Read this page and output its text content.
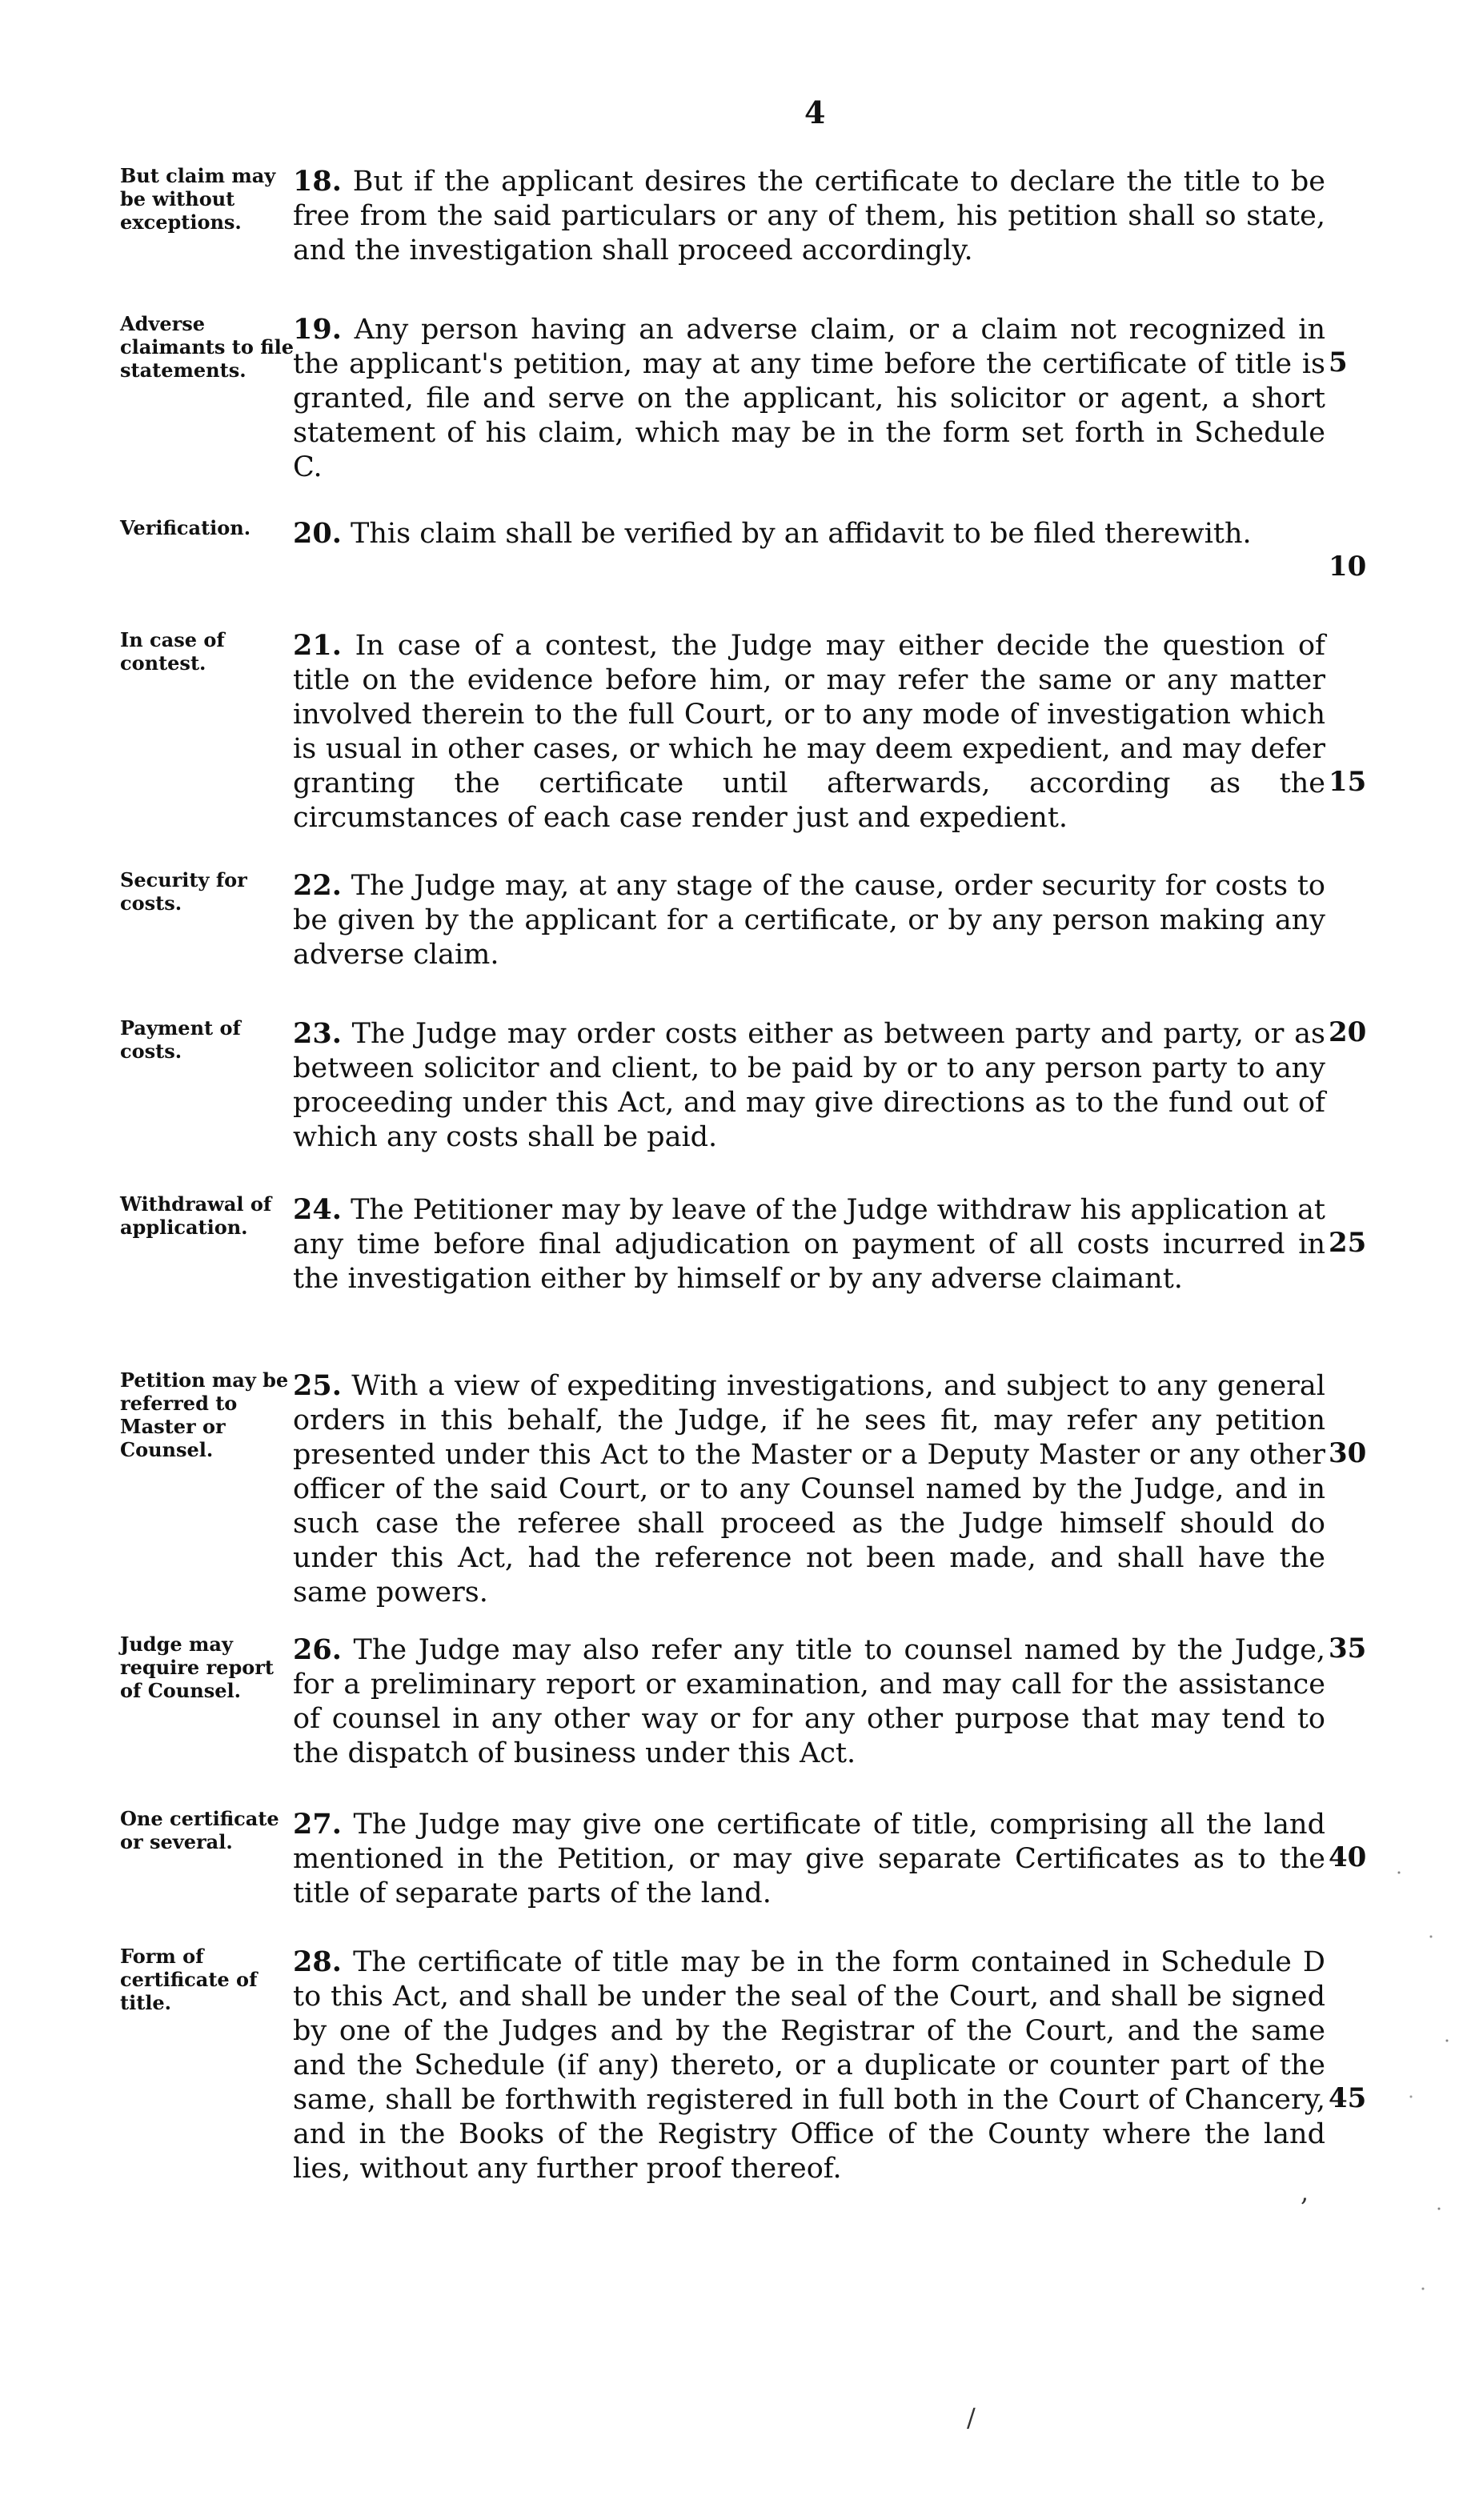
4
But claim may be without exceptions.
18. But if the applicant desires the certificate to declare the title to be free from the said particulars or any of them, his petition shall so state, and the investigation shall proceed accordingly.
Adverse claimants to file statements.
19. Any person having an adverse claim, or a claim not recognized in the applicant's petition, may at any time before the certificate of title is granted, file and serve on the applicant, his solicitor or agent, a short statement of his claim, which may be in the form set forth in Schedule C.
5
Verification.	20. This claim shall be verified by an affidavit to be filed therewith.
10
In case of contest.
21. In case of a contest, the Judge may either decide the question of title on the evidence before him, or may refer the same or any matter involved therein to the full Court, or to any mode of investigation which is usual in other cases, or which he may deem expedient, and may defer granting the certificate until afterwards, according as the circumstances of each case render just and expedient.
15
Security for costs.
22. The Judge may, at any stage of the cause, order security for costs to be given by the applicant for a certificate, or by any person making any adverse claim.
Payment of costs.
23. The Judge may order costs either as between party and party, or as between solicitor and client, to be paid by or to any person party to any proceeding under this Act, and may give directions as to the fund out of which any costs shall be paid.
20
Withdrawal of application.
24. The Petitioner may by leave of the Judge withdraw his application at any time before final adjudication on payment of all costs incurred in the investigation either by himself or by any adverse claimant.
25
Petition may be referred to Master or Counsel.
25. With a view of expediting investigations, and subject to any general orders in this behalf, the Judge, if he sees fit, may refer any petition presented under this Act to the Master or a Deputy Master or any other officer of the said Court, or to any Counsel named by the Judge, and in such case the referee shall proceed as the Judge himself should do under this Act, had the reference not been made, and shall have the same powers.
30
Judge may require report of Counsel.
26. The Judge may also refer any title to counsel named by the Judge, for a preliminary report or examination, and may call for the assistance of counsel in any other way or for any other purpose that may tend to the dispatch of business under this Act.
35
One certificate or several.
27. The Judge may give one certificate of title, comprising all the land mentioned in the Petition, or may give separate Certificates as to the title of separate parts of the land.
40
Form of certificate of title.
28. The certificate of title may be in the form contained in Schedule D to this Act, and shall be under the seal of the Court, and shall be signed by one of the Judges and by the Registrar of the Court, and the same and the Schedule (if any) thereto, or a duplicate or counter part of the same, shall be forthwith registered in full both in the Court of Chancery, and in the Books of the Registry Office of the County where the land lies, without any further proof thereof.
45
,
/
